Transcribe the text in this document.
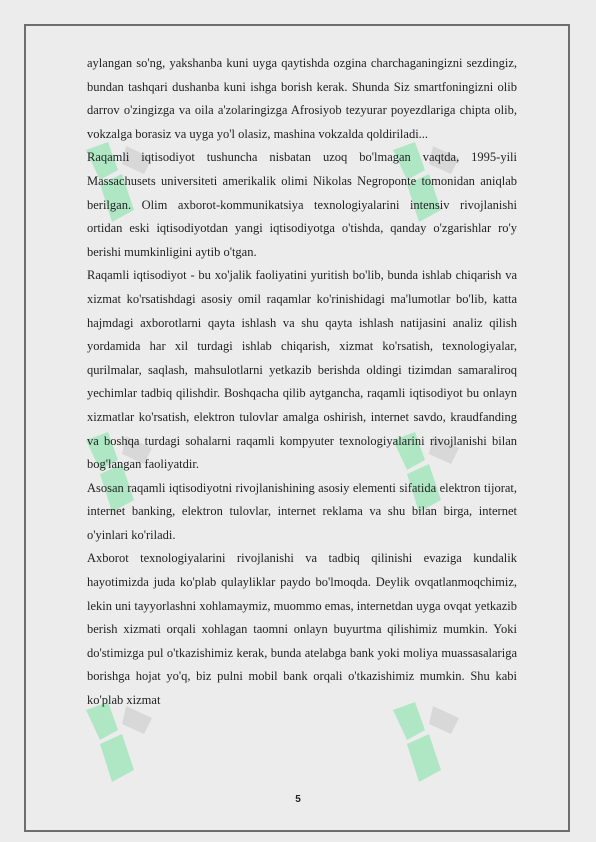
aylangan so'ng, yakshanba kuni uyga qaytishda ozgina charchaganingizni sezdingiz, bundan tashqari dushanba kuni ishga borish kerak. Shunda Siz smartfoningizni olib darrov o'zingizga va oila a'zolaringizga Afrosiyob tezyurar poyezdlariga chipta olib, vokzalga borasiz va uyga yo'l olasiz, mashina vokzalda qoldiriladi...

Raqamli iqtisodiyot tushuncha nisbatan uzoq bo'lmagan vaqtda, 1995-yili Massachusets universiteti amerikalik olimi Nikolas Negroponte tomonidan aniqlab berilgan. Olim axborot-kommunikatsiya texnologiyalarini intensiv rivojlanishi ortidan eski iqtisodiyotdan yangi iqtisodiyotga o'tishda, qanday o'zgarishlar ro'y berishi mumkinligini aytib o'tgan.

Raqamli iqtisodiyot - bu xo'jalik faoliyatini yuritish bo'lib, bunda ishlab chiqarish va xizmat ko'rsatishdagi asosiy omil raqamlar ko'rinishidagi ma'lumotlar bo'lib, katta hajmdagi axborotlarni qayta ishlash va shu qayta ishlash natijasini analiz qilish yordamida har xil turdagi ishlab chiqarish, xizmat ko'rsatish, texnologiyalar, qurilmalar, saqlash, mahsulotlarni yetkazib berishda oldingi tizimdan samaraliroq yechimlar tadbiq qilishdir. Boshqacha qilib aytgancha, raqamli iqtisodiyot bu onlayn xizmatlar ko'rsatish, elektron tulovlar amalga oshirish, internet savdo, kraudfanding va boshqa turdagi sohalarni raqamli kompyuter texnologiyalarini rivojlanishi bilan bog'langan faoliyatdir.

Asosan raqamli iqtisodiyotni rivojlanishining asosiy elementi sifatida elektron tijorat, internet banking, elektron tulovlar, internet reklama va shu bilan birga, internet o'yinlari ko'riladi.

Axborot texnologiyalarini rivojlanishi va tadbiq qilinishi evaziga kundalik hayotimizda juda ko'plab qulayliklar paydo bo'lmoqda. Deylik ovqatlanmoqchimiz, lekin uni tayyorlashni xohlamaymiz, muommo emas, internetdan uyga ovqat yetkazib berish xizmati orqali xohlagan taomni onlayn buyurtma qilishimiz mumkin. Yoki do'stimizga pul o'tkazishimiz kerak, bunda atelabga bank yoki moliya muassasalariga borishga hojat yo'q, biz pulni mobil bank orqali o'tkazishimiz mumkin. Shu kabi ko'plab xizmat

5
